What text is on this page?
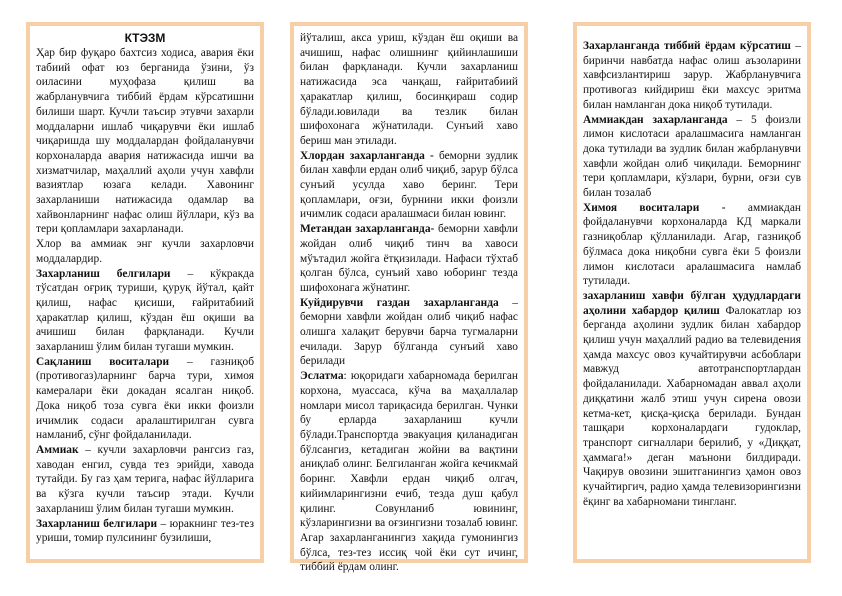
КТЭЗМ

Ҳар бир фуқаро бахтсиз ходиса, авария ёки табиий офат юз берганида ўзини, ўз оиласини муҳофаза қилиш ва жабрланувчига тиббий ёрдам кўрсатишни билиши шарт. Кучли таъсир этувчи захарли моддаларни ишлаб чиқарувчи ёки ишлаб чиқаришда шу моддалардан фойдаланувчи корхоналарда авария натижасида ишчи ва хизматчилар, маҳаллий аҳоли учун хавфли вазиятлар юзага келади. Хавонинг захарланиши натижасида одамлар ва хайвонларнинг нафас олиш йўллари, кўз ва тери қопламлари захарланади.

Хлор ва аммиак энг кучли захарловчи моддалардир.

Захарланиш белгилари – кўкракда тўсатдан оғриқ туриши, қуруқ йўтал, қайт қилиш, нафас қисиши, ғайритабиий ҳаракатлар қилиш, кўздан ёш оқиши ва ачишиш билан фарқланади. Кучли захарланиш ўлим билан тугаши мумкин.

Сақланиш воситалари – газниқоб (противогаз)ларнинг барча тури, химоя камералари ёки докадан ясалган ниқоб. Дока ниқоб тоза сувга ёки икки фоизли ичимлик содаси аралаштирилган сувга намланиб, сўнг фойдаланилади.

Аммиак – кучли захарловчи рангсиз газ, хаводан енгил, сувда тез эрийди, хавода тутайди. Бу газ ҳам терига, нафас йўлларига ва кўзга кучли таъсир этади. Кучли захарланиш ўлим билан тугаши мумкин.

Захарланиш белгилари – юракнинг тез-тез уриши, томир пулсининг бузилиши,

йўталиш, акса уриш, кўздан ёш оқиши ва ачишиш, нафас олишнинг қийинлашиши билан фарқланади. Кучли захарланиш натижасида эса чанқаш, ғайритабиий ҳаракатлар қилиш, босинқираш содир бўлади.ювилади ва тезлик билан шифохонага жўнатилади. Сунъий хаво бериш ман этилади.

Хлордан захарланганда - беморни зудлик билан хавфли ердан олиб чиқиб, зарур бўлса сунъий усулда хаво беринг. Тери қопламлари, оғзи, бурнини икки фоизли ичимлик содаси аралашмаси билан ювинг.

Метандан захарланганда- беморни хавфли жойдан олиб чиқиб тинч ва хавоси мўътадил жойга ётқизилади. Нафаси тўхтаб қолган бўлса, сунъий хаво юборинг тезда шифохонага жўнатинг.

Куйдирувчи газдан захарланганда – беморни хавфли жойдан олиб чиқиб нафас олишга халақит берувчи барча тугмаларни ечилади. Зарур бўлганда сунъий хаво берилади

Эслатма: юқоридаги хабарномада берилган корхона, муассаса, кўча ва маҳаллалар номлари мисол тариқасида берилган. Чунки бу ерларда захарланиш кучли бўлади.Транспортда эвакуация қиланадиган бўлсангиз, кетадиган жойни ва вақтини аниқлаб олинг. Белгиланган жойга кечикмай боринг. Хавфли ердан чиқиб олгач, кийимларингизни ечиб, тезда душ қабул қилинг. Совунланиб ювининг, кўзларингизни ва оғзингизни тозалаб ювинг. Агар захарланганингиз хақида гумонингиз бўлса, тез-тез иссиқ чой ёки сут ичинг, тиббий ёрдам олинг.

Захарланганда тиббий ёрдам кўрсатиш – биринчи навбатда нафас олиш аъзоларини хавфсизлантириш зарур. Жабрланувчига противогаз кийдириш ёки махсус эритма билан намланган дока ниқоб тутилади.

Аммиакдан захарланганда – 5 фоизли лимон кислотаси аралашмасига намланган дока тутилади ва зудлик билан жабрланувчи хавфли жойдан олиб чиқилади. Беморнинг тери қопламлари, кўзлари, бурни, оғзи сув билан тозалаб

Химоя воситалари - аммиакдан фойдаланувчи корхоналарда КД маркали газниқоблар қўлланилади. Агар, газниқоб бўлмаса дока ниқобни сувга ёки 5 фоизли лимон кислотаси аралашмасига намлаб тутилади.

захарланиш хавфи бўлган ҳудудлардаги аҳолини хабардор қилиш Фалокатлар юз берганда аҳолини зудлик билан хабардор қилиш учун маҳаллий радио ва телевидения ҳамда махсус овоз кучайтирувчи асбоблари мавжуд автотранспортлардан фойдаланилади. Хабарномадан аввал аҳоли диққатини жалб этиш учун сирена овози кетма-кет, қисқа-қисқа берилади. Бундан ташқари корхоналардаги гудоклар, транспорт сигналлари берилиб, у «Диққат, ҳаммага!» деган маънони билдиради. Чақирув овозини эшитганингиз ҳамон овоз кучайтиргич, радио ҳамда телевизорингизни ёқинг ва хабарномани тингланг.
